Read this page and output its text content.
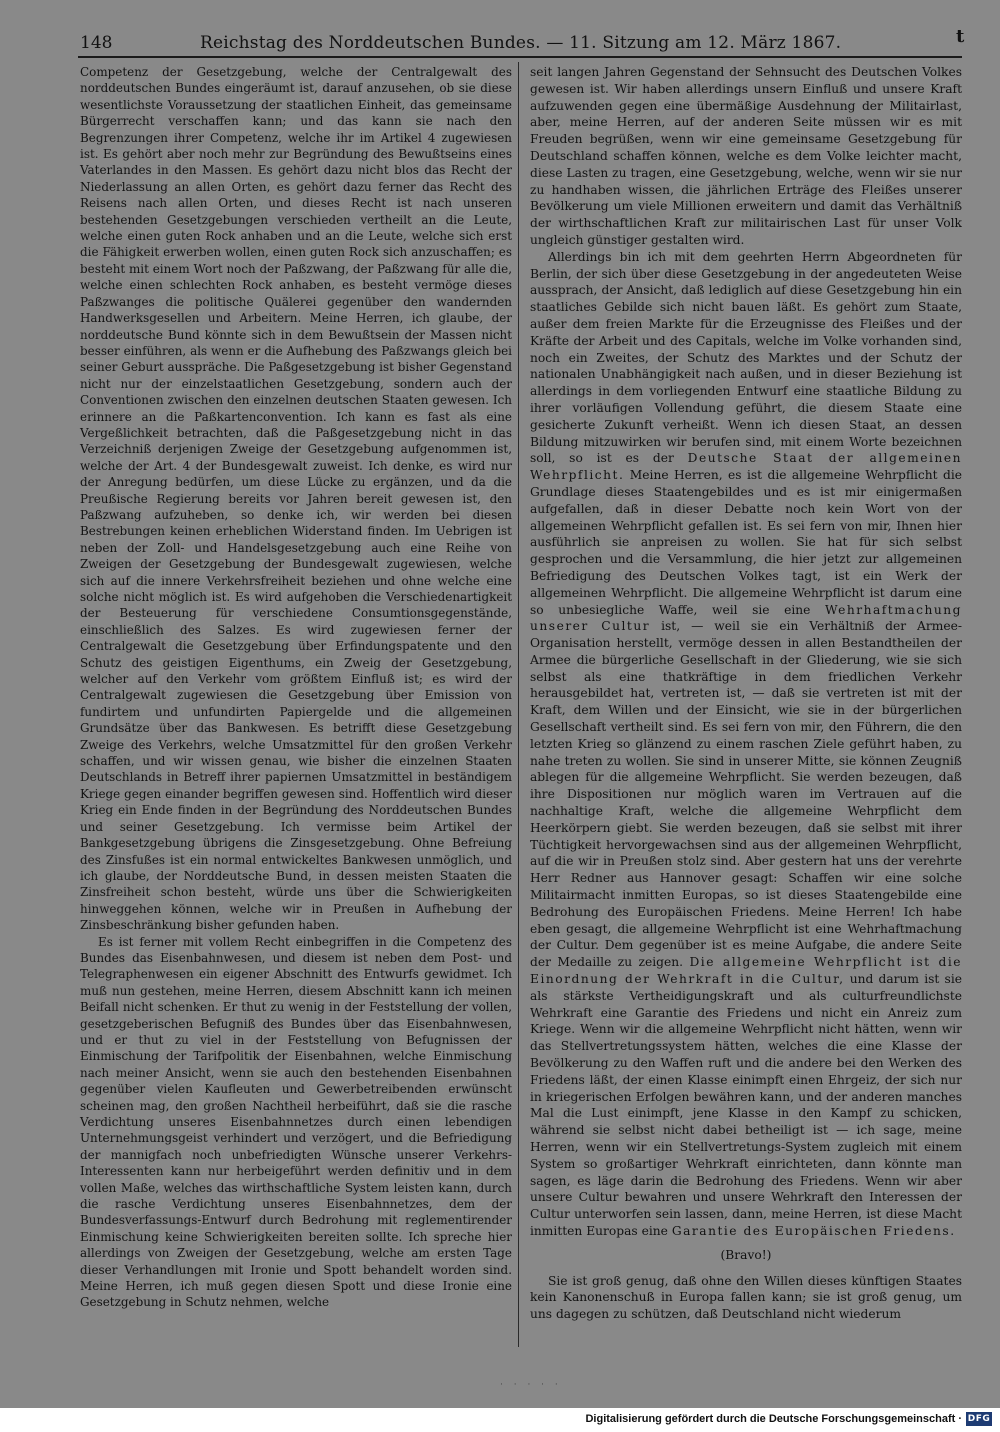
148	Reichstag des Norddeutschen Bundes. — 11. Sitzung am 12. März 1867.	t

Competenz der Gesetzgebung, welche der Centralgewalt des norddeutschen Bundes eingeräumt ist, darauf anzusehen, ob sie diese wesentlichste Voraussetzung der staatlichen Einheit, das gemeinsame Bürgerrecht verschaffen kann; und das kann sie nach den Begrenzungen ihrer Competenz, welche ihr im Artikel 4 zugewiesen ist. Es gehört aber noch mehr zur Begründung des Bewußtseins eines Vaterlandes in den Massen. Es gehört dazu nicht blos das Recht der Niederlassung an allen Orten, es gehört dazu ferner das Recht des Reisens nach allen Orten, und dieses Recht ist nach unseren bestehenden Gesetzgebungen verschieden vertheilt an die Leute, welche einen guten Rock anhaben und an die Leute, welche sich erst die Fähigkeit erwerben wollen, einen guten Rock sich anzuschaffen; es besteht mit einem Wort noch der Paßzwang, der Paßzwang für alle die, welche einen schlechten Rock anhaben, es besteht vermöge dieses Paßzwanges die politische Quälerei gegenüber den wandernden Handwerksgesellen und Arbeitern. Meine Herren, ich glaube, der norddeutsche Bund könnte sich in dem Bewußtsein der Massen nicht besser einführen, als wenn er die Aufhebung des Paßzwangs gleich bei seiner Geburt ausspräche. Die Paßgesetzgebung ist bisher Gegenstand nicht nur der einzelstaatlichen Gesetzgebung, sondern auch der Conventionen zwischen den einzelnen deutschen Staaten gewesen. Ich erinnere an die Paßkartenconvention. Ich kann es fast als eine Vergeßlichkeit betrachten, daß die Paßgesetzgebung nicht in das Verzeichniß derjenigen Zweige der Gesetzgebung aufgenommen ist, welche der Art. 4 der Bundesgewalt zuweist. Ich denke, es wird nur der Anregung bedürfen, um diese Lücke zu ergänzen, und da die Preußische Regierung bereits vor Jahren bereit gewesen ist, den Paßzwang aufzuheben, so denke ich, wir werden bei diesen Bestrebungen keinen erheblichen Widerstand finden. Im Uebrigen ist neben der Zoll- und Handelsgesetzgebung auch eine Reihe von Zweigen der Gesetzgebung der Bundesgewalt zugewiesen, welche sich auf die innere Verkehrsfreiheit beziehen und ohne welche eine solche nicht möglich ist. Es wird aufgehoben die Verschiedenartigkeit der Besteuerung für verschiedene Consumtionsgegenstände, einschließlich des Salzes. Es wird zugewiesen ferner der Centralgewalt die Gesetzgebung über Erfindungspatente und den Schutz des geistigen Eigenthums, ein Zweig der Gesetzgebung, welcher auf den Verkehr vom größtem Einfluß ist; es wird der Centralgewalt zugewiesen die Gesetzgebung über Emission von fundirtem und unfundirten Papiergelde und die allgemeinen Grundsätze über das Bankwesen. Es betrifft diese Gesetzgebung Zweige des Verkehrs, welche Umsatzmittel für den großen Verkehr schaffen, und wir wissen genau, wie bisher die einzelnen Staaten Deutschlands in Betreff ihrer papiernen Umsatzmittel in beständigem Kriege gegen einander begriffen gewesen sind. Hoffentlich wird dieser Krieg ein Ende finden in der Begründung des Norddeutschen Bundes und seiner Gesetzgebung. Ich vermisse beim Artikel der Bankgesetzgebung übrigens die Zinsgesetzgebung. Ohne Befreiung des Zinsfußes ist ein normal entwickeltes Bankwesen unmöglich, und ich glaube, der Norddeutsche Bund, in dessen meisten Staaten die Zinsfreiheit schon besteht, würde uns über die Schwierigkeiten hinweggehen können, welche wir in Preußen in Aufhebung der Zinsbeschränkung bisher gefunden haben.

Es ist ferner mit vollem Recht einbegriffen in die Competenz des Bundes das Eisenbahnwesen, und diesem ist neben dem Post- und Telegraphenwesen ein eigener Abschnitt des Entwurfs gewidmet. Ich muß nun gestehen, meine Herren, diesem Abschnitt kann ich meinen Beifall nicht schenken. Er thut zu wenig in der Feststellung der vollen, gesetzgeberischen Befugniß des Bundes über das Eisenbahnwesen, und er thut zu viel in der Feststellung von Befugnissen der Einmischung der Tarifpolitik der Eisenbahnen, welche Einmischung nach meiner Ansicht, wenn sie auch den bestehenden Eisenbahnen gegenüber vielen Kaufleuten und Gewerbetreibenden erwünscht scheinen mag, den großen Nachtheil herbeiführt, daß sie die rasche Verdichtung unseres Eisenbahnnetzes durch einen lebendigen Unternehmungsgeist verhindert und verzögert, und die Befriedigung der mannigfach noch unbefriedigten Wünsche unserer Verkehrs-Interessenten kann nur herbeigeführt werden definitiv und in dem vollen Maße, welches das wirthschaftliche System leisten kann, durch die rasche Verdichtung unseres Eisenbahnnetzes, dem der Bundesverfassungs-Entwurf durch Bedrohung mit reglementirender Einmischung keine Schwierigkeiten bereiten sollte. Ich spreche hier allerdings von Zweigen der Gesetzgebung, welche am ersten Tage dieser Verhandlungen mit Ironie und Spott behandelt worden sind. Meine Herren, ich muß gegen diesen Spott und diese Ironie eine Gesetzgebung in Schutz nehmen, welche

seit langen Jahren Gegenstand der Sehnsucht des Deutschen Volkes gewesen ist. Wir haben allerdings unsern Einfluß und unsere Kraft aufzuwenden gegen eine übermäßige Ausdehnung der Militairlast, aber, meine Herren, auf der anderen Seite müssen wir es mit Freuden begrüßen, wenn wir eine gemeinsame Gesetzgebung für Deutschland schaffen können, welche es dem Volke leichter macht, diese Lasten zu tragen, eine Gesetzgebung, welche, wenn wir sie nur zu handhaben wissen, die jährlichen Erträge des Fleißes unserer Bevölkerung um viele Millionen erweitern und damit das Verhältniß der wirthschaftlichen Kraft zur militairischen Last für unser Volk ungleich günstiger gestalten wird.

Allerdings bin ich mit dem geehrten Herrn Abgeordneten für Berlin, der sich über diese Gesetzgebung in der angedeuteten Weise aussprach, der Ansicht, daß lediglich auf diese Gesetzgebung hin ein staatliches Gebilde sich nicht bauen läßt. Es gehört zum Staate, außer dem freien Markte für die Erzeugnisse des Fleißes und der Kräfte der Arbeit und des Capitals, welche im Volke vorhanden sind, noch ein Zweites, der Schutz des Marktes und der Schutz der nationalen Unabhängigkeit nach außen, und in dieser Beziehung ist allerdings in dem vorliegenden Entwurf eine staatliche Bildung zu ihrer vorläufigen Vollendung geführt, die diesem Staate eine gesicherte Zukunft verheißt. Wenn ich diesen Staat, an dessen Bildung mitzuwirken wir berufen sind, mit einem Worte bezeichnen soll, so ist es der Deutsche Staat der allgemeinen Wehrpflicht. Meine Herren, es ist die allgemeine Wehrpflicht die Grundlage dieses Staatengebildes und es ist mir einigermaßen aufgefallen, daß in dieser Debatte noch kein Wort von der allgemeinen Wehrpflicht gefallen ist. Es sei fern von mir, Ihnen hier ausführlich sie anpreisen zu wollen. Sie hat für sich selbst gesprochen und die Versammlung, die hier jetzt zur allgemeinen Befriedigung des Deutschen Volkes tagt, ist ein Werk der allgemeinen Wehrpflicht. Die allgemeine Wehrpflicht ist darum eine so unbesiegliche Waffe, weil sie eine Wehrhaftmachung unserer Cultur ist, — weil sie ein Verhältniß der Armee-Organisation herstellt, vermöge dessen in allen Bestandtheilen der Armee die bürgerliche Gesellschaft in der Gliederung, wie sie sich selbst als eine thatkräftige in dem friedlichen Verkehr herausgebildet hat, vertreten ist, — daß sie vertreten ist mit der Kraft, dem Willen und der Einsicht, wie sie in der bürgerlichen Gesellschaft vertheilt sind. Es sei fern von mir, den Führern, die den letzten Krieg so glänzend zu einem raschen Ziele geführt haben, zu nahe treten zu wollen. Sie sind in unserer Mitte, sie können Zeugniß ablegen für die allgemeine Wehrpflicht. Sie werden bezeugen, daß ihre Dispositionen nur möglich waren im Vertrauen auf die nachhaltige Kraft, welche die allgemeine Wehrpflicht dem Heerkörpern giebt. Sie werden bezeugen, daß sie selbst mit ihrer Tüchtigkeit hervorgewachsen sind aus der allgemeinen Wehrpflicht, auf die wir in Preußen stolz sind. Aber gestern hat uns der verehrte Herr Redner aus Hannover gesagt: Schaffen wir eine solche Militairmacht inmitten Europas, so ist dieses Staatengebilde eine Bedrohung des Europäischen Friedens. Meine Herren! Ich habe eben gesagt, die allgemeine Wehrpflicht ist eine Wehrhaftmachung der Cultur. Dem gegenüber ist es meine Aufgabe, die andere Seite der Medaille zu zeigen. Die allgemeine Wehrpflicht ist die Einordnung der Wehrkraft in die Cultur, und darum ist sie als stärkste Vertheidigungskraft und als culturfreundlichste Wehrkraft eine Garantie des Friedens und nicht ein Anreiz zum Kriege. Wenn wir die allgemeine Wehrpflicht nicht hätten, wenn wir das Stellvertretungssystem hätten, welches die eine Klasse der Bevölkerung zu den Waffen ruft und die andere bei den Werken des Friedens läßt, der einen Klasse einimpft einen Ehrgeiz, der sich nur in kriegerischen Erfolgen bewähren kann, und der anderen manches Mal die Lust einimpft, jene Klasse in den Kampf zu schicken, während sie selbst nicht dabei betheiligt ist — ich sage, meine Herren, wenn wir ein Stellvertretungs-System zugleich mit einem System so großartiger Wehrkraft einrichteten, dann könnte man sagen, es läge darin die Bedrohung des Friedens. Wenn wir aber unsere Cultur bewahren und unsere Wehrkraft den Interessen der Cultur unterworfen sein lassen, dann, meine Herren, ist diese Macht inmitten Europas eine Garantie des Europäischen Friedens.

(Bravo!)

Sie ist groß genug, daß ohne den Willen dieses künftigen Staates kein Kanonenschuß in Europa fallen kann; sie ist groß genug, um uns dagegen zu schützen, daß Deutschland nicht wiederum

· · · · ·
Digitalisierung gefördert durch die Deutsche Forschungsgemeinschaft · DFG
